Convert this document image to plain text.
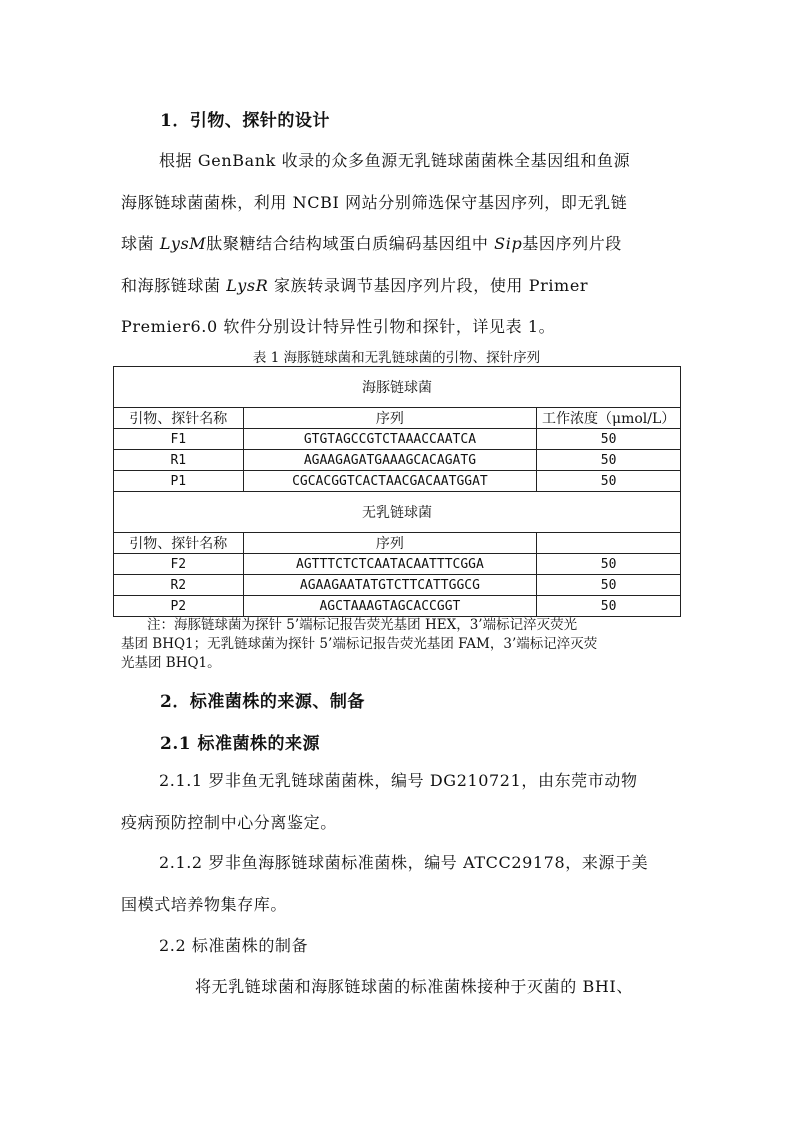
1．引物、探针的设计
根据 GenBank 收录的众多鱼源无乳链球菌菌株全基因组和鱼源
海豚链球菌菌株，利用 NCBI 网站分别筛选保守基因序列，即无乳链
球菌 LysM肽聚糖结合结构域蛋白质编码基因组中 Sip基因序列片段
和海豚链球菌 LysR 家族转录调节基因序列片段，使用 Primer
Premier6.0 软件分别设计特异性引物和探针，详见表 1。
表 1 海豚链球菌和无乳链球菌的引物、探针序列
海豚链球菌		
引物、探针名称	序列	工作浓度（μmol/L）
F1	GTGTAGCCGTCTAAACCAATCA	50
R1	AGAAGAGATGAAAGCACAGATG	50
P1	CGCACGGTCACTAACGACAATGGAT	50
无乳链球菌		
引物、探针名称	序列	
F2	AGTTTCTCTCAATACAATTTCGGA	50
R2	AGAAGAATATGTCTTCATTGGCG	50
P2	AGCTAAAGTAGCACCGGT	50
注：海豚链球菌为探针 5’端标记报告荧光基团 HEX，3’端标记淬灭荧光
基团 BHQ1；无乳链球菌为探针 5’端标记报告荧光基团 FAM，3’端标记淬灭荧
光基团 BHQ1。
2．标准菌株的来源、制备
2.1 标准菌株的来源
2.1.1 罗非鱼无乳链球菌菌株，编号 DG210721，由东莞市动物
疫病预防控制中心分离鉴定。
2.1.2 罗非鱼海豚链球菌标准菌株，编号 ATCC29178，来源于美
国模式培养物集存库。
2.2 标准菌株的制备
将无乳链球菌和海豚链球菌的标准菌株接种于灭菌的 BHI、
